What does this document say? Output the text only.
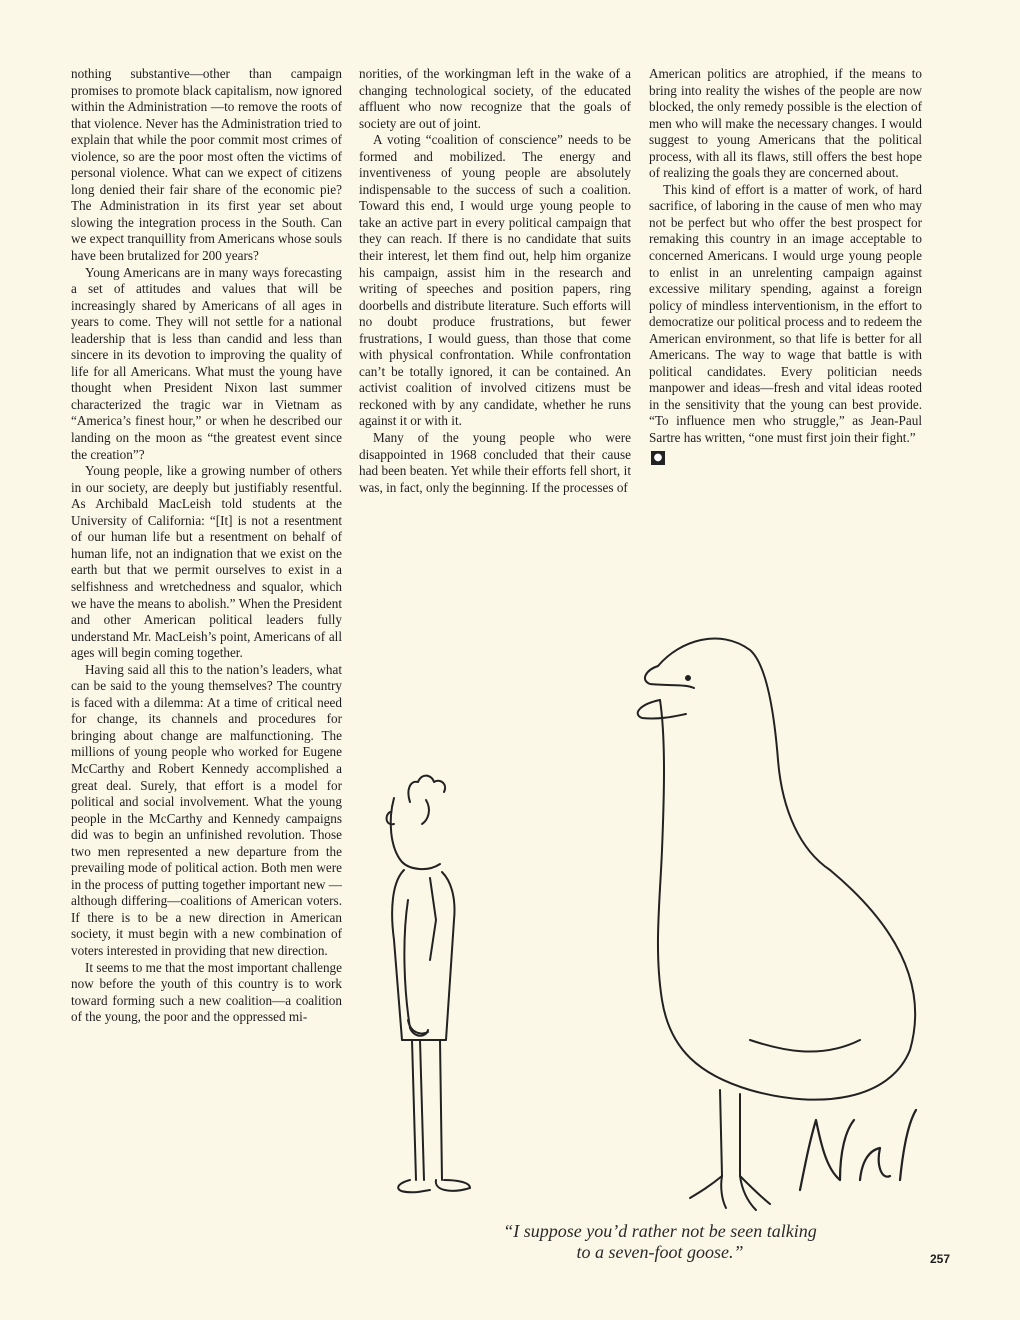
nothing substantive—other than campaign promises to promote black capitalism, now ignored within the Administration —to remove the roots of that violence. Never has the Administration tried to explain that while the poor commit most crimes of violence, so are the poor most often the victims of personal violence. What can we expect of citizens long denied their fair share of the economic pie? The Administration in its first year set about slowing the integration process in the South. Can we expect tranquillity from Americans whose souls have been brutalized for 200 years?

Young Americans are in many ways forecasting a set of attitudes and values that will be increasingly shared by Americans of all ages in years to come. They will not settle for a national leadership that is less than candid and less than sincere in its devotion to improving the quality of life for all Americans. What must the young have thought when President Nixon last summer characterized the tragic war in Vietnam as “America’s finest hour,” or when he described our landing on the moon as “the greatest event since the creation”?

Young people, like a growing number of others in our society, are deeply but justifiably resentful. As Archibald MacLeish told students at the University of California: “[It] is not a resentment of our human life but a resentment on behalf of human life, not an indignation that we exist on the earth but that we permit ourselves to exist in a selfishness and wretchedness and squalor, which we have the means to abolish.” When the President and other American political leaders fully understand Mr. MacLeish’s point, Americans of all ages will begin coming together.

Having said all this to the nation’s leaders, what can be said to the young themselves? The country is faced with a dilemma: At a time of critical need for change, its channels and procedures for bringing about change are malfunctioning. The millions of young people who worked for Eugene McCarthy and Robert Kennedy accomplished a great deal. Surely, that effort is a model for political and social involvement. What the young people in the McCarthy and Kennedy campaigns did was to begin an unfinished revolution. Those two men represented a new departure from the prevailing mode of political action. Both men were in the process of putting together important new —although differing—coalitions of American voters. If there is to be a new direction in American society, it must begin with a new combination of voters interested in providing that new direction.

It seems to me that the most important challenge now before the youth of this country is to work toward forming such a new coalition—a coalition of the young, the poor and the oppressed mi-

norities, of the workingman left in the wake of a changing technological society, of the educated affluent who now recognize that the goals of society are out of joint.

A voting “coalition of conscience” needs to be formed and mobilized. The energy and inventiveness of young people are absolutely indispensable to the success of such a coalition. Toward this end, I would urge young people to take an active part in every political campaign that they can reach. If there is no candidate that suits their interest, let them find out, help him organize his campaign, assist him in the research and writing of speeches and position papers, ring doorbells and distribute literature. Such efforts will no doubt produce frustrations, but fewer frustrations, I would guess, than those that come with physical confrontation. While confrontation can’t be totally ignored, it can be contained. An activist coalition of involved citizens must be reckoned with by any candidate, whether he runs against it or with it.

Many of the young people who were disappointed in 1968 concluded that their cause had been beaten. Yet while their efforts fell short, it was, in fact, only the beginning. If the processes of

American politics are atrophied, if the means to bring into reality the wishes of the people are now blocked, the only remedy possible is the election of men who will make the necessary changes. I would suggest to young Americans that the political process, with all its flaws, still offers the best hope of realizing the goals they are concerned about.

This kind of effort is a matter of work, of hard sacrifice, of laboring in the cause of men who may not be perfect but who offer the best prospect for remaking this country in an image acceptable to concerned Americans. I would urge young people to enlist in an unrelenting campaign against excessive military spending, against a foreign policy of mindless interventionism, in the effort to democratize our political process and to redeem the American environment, so that life is better for all Americans. The way to wage that battle is with political candidates. Every politician needs manpower and ideas—fresh and vital ideas rooted in the sensitivity that the young can best provide. “To influence men who struggle,” as Jean-Paul Sartre has written, “one must first join their fight.”

●
“I suppose you’d rather not be seen talking
to a seven-foot goose.”	257
